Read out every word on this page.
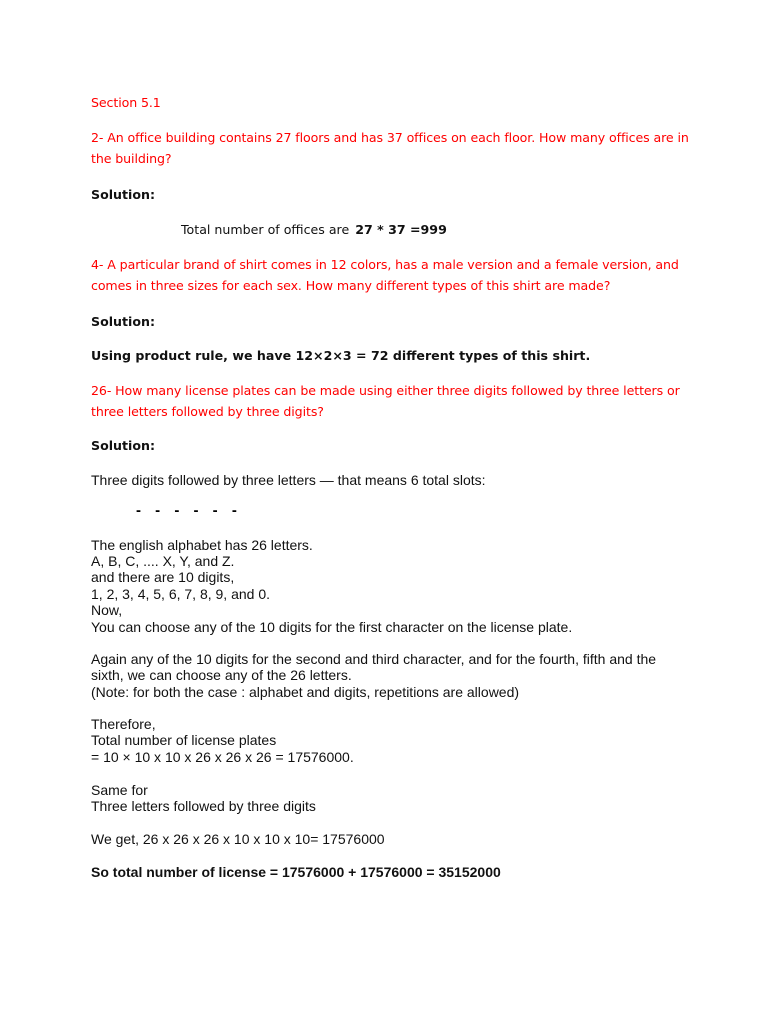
Section 5.1

2- An office building contains 27 floors and has 37 offices on each floor. How many offices are in

the building?

Solution:

Total number of offices are 27 * 37 =999

4- A particular brand of shirt comes in 12 colors, has a male version and a female version, and

comes in three sizes for each sex. How many different types of this shirt are made?

Solution:

Using product rule, we have 12×2×3 = 72 different types of this shirt.

26- How many license plates can be made using either three digits followed by three letters or

three letters followed by three digits?

Solution:

Three digits followed by three letters — that means 6 total slots:

- - - - - -

The english alphabet has 26 letters.

A, B, C, .... X, Y, and Z.

and there are 10 digits,

1, 2, 3, 4, 5, 6, 7, 8, 9, and 0.

Now,

You can choose any of the 10 digits for the first character on the license plate.

Again any of the 10 digits for the second and third character, and for the fourth, fifth and the

sixth, we can choose any of the 26 letters.

(Note: for both the case : alphabet and digits, repetitions are allowed)

Therefore,

Total number of license plates

= 10 × 10 x 10 x 26 x 26 x 26 = 17576000.

Same for

Three letters followed by three digits

We get, 26 x 26 x 26 x 10 x 10 x 10= 17576000

So total number of license = 17576000 + 17576000 = 35152000
